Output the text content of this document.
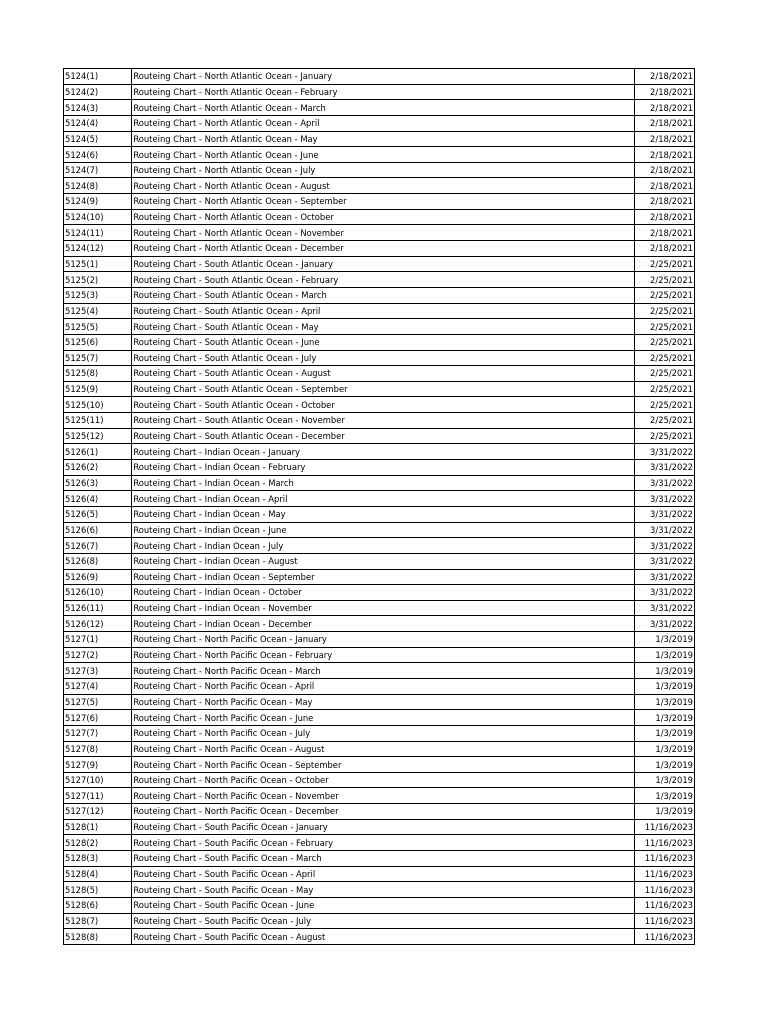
5124(1)	Routeing Chart - North Atlantic Ocean - January	2/18/2021
5124(2)	Routeing Chart - North Atlantic Ocean - February	2/18/2021
5124(3)	Routeing Chart - North Atlantic Ocean - March	2/18/2021
5124(4)	Routeing Chart - North Atlantic Ocean - April	2/18/2021
5124(5)	Routeing Chart - North Atlantic Ocean - May	2/18/2021
5124(6)	Routeing Chart - North Atlantic Ocean - June	2/18/2021
5124(7)	Routeing Chart - North Atlantic Ocean - July	2/18/2021
5124(8)	Routeing Chart - North Atlantic Ocean - August	2/18/2021
5124(9)	Routeing Chart - North Atlantic Ocean - September	2/18/2021
5124(10)	Routeing Chart - North Atlantic Ocean - October	2/18/2021
5124(11)	Routeing Chart - North Atlantic Ocean - November	2/18/2021
5124(12)	Routeing Chart - North Atlantic Ocean - December	2/18/2021
5125(1)	Routeing Chart - South Atlantic Ocean - January	2/25/2021
5125(2)	Routeing Chart - South Atlantic Ocean - February	2/25/2021
5125(3)	Routeing Chart - South Atlantic Ocean - March	2/25/2021
5125(4)	Routeing Chart - South Atlantic Ocean - April	2/25/2021
5125(5)	Routeing Chart - South Atlantic Ocean - May	2/25/2021
5125(6)	Routeing Chart - South Atlantic Ocean - June	2/25/2021
5125(7)	Routeing Chart - South Atlantic Ocean - July	2/25/2021
5125(8)	Routeing Chart - South Atlantic Ocean - August	2/25/2021
5125(9)	Routeing Chart - South Atlantic Ocean - September	2/25/2021
5125(10)	Routeing Chart - South Atlantic Ocean - October	2/25/2021
5125(11)	Routeing Chart - South Atlantic Ocean - November	2/25/2021
5125(12)	Routeing Chart - South Atlantic Ocean - December	2/25/2021
5126(1)	Routeing Chart - Indian Ocean - January	3/31/2022
5126(2)	Routeing Chart - Indian Ocean - February	3/31/2022
5126(3)	Routeing Chart - Indian Ocean - March	3/31/2022
5126(4)	Routeing Chart - Indian Ocean - April	3/31/2022
5126(5)	Routeing Chart - Indian Ocean - May	3/31/2022
5126(6)	Routeing Chart - Indian Ocean - June	3/31/2022
5126(7)	Routeing Chart - Indian Ocean - July	3/31/2022
5126(8)	Routeing Chart - Indian Ocean - August	3/31/2022
5126(9)	Routeing Chart - Indian Ocean - September	3/31/2022
5126(10)	Routeing Chart - Indian Ocean - October	3/31/2022
5126(11)	Routeing Chart - Indian Ocean - November	3/31/2022
5126(12)	Routeing Chart - Indian Ocean - December	3/31/2022
5127(1)	Routeing Chart - North Pacific Ocean - January	1/3/2019
5127(2)	Routeing Chart - North Pacific Ocean - February	1/3/2019
5127(3)	Routeing Chart - North Pacific Ocean - March	1/3/2019
5127(4)	Routeing Chart - North Pacific Ocean - April	1/3/2019
5127(5)	Routeing Chart - North Pacific Ocean - May	1/3/2019
5127(6)	Routeing Chart - North Pacific Ocean - June	1/3/2019
5127(7)	Routeing Chart - North Pacific Ocean - July	1/3/2019
5127(8)	Routeing Chart - North Pacific Ocean - August	1/3/2019
5127(9)	Routeing Chart - North Pacific Ocean - September	1/3/2019
5127(10)	Routeing Chart - North Pacific Ocean - October	1/3/2019
5127(11)	Routeing Chart - North Pacific Ocean - November	1/3/2019
5127(12)	Routeing Chart - North Pacific Ocean - December	1/3/2019
5128(1)	Routeing Chart - South Pacific Ocean - January	11/16/2023
5128(2)	Routeing Chart - South Pacific Ocean - February	11/16/2023
5128(3)	Routeing Chart - South Pacific Ocean - March	11/16/2023
5128(4)	Routeing Chart - South Pacific Ocean - April	11/16/2023
5128(5)	Routeing Chart - South Pacific Ocean - May	11/16/2023
5128(6)	Routeing Chart - South Pacific Ocean - June	11/16/2023
5128(7)	Routeing Chart - South Pacific Ocean - July	11/16/2023
5128(8)	Routeing Chart - South Pacific Ocean - August	11/16/2023
